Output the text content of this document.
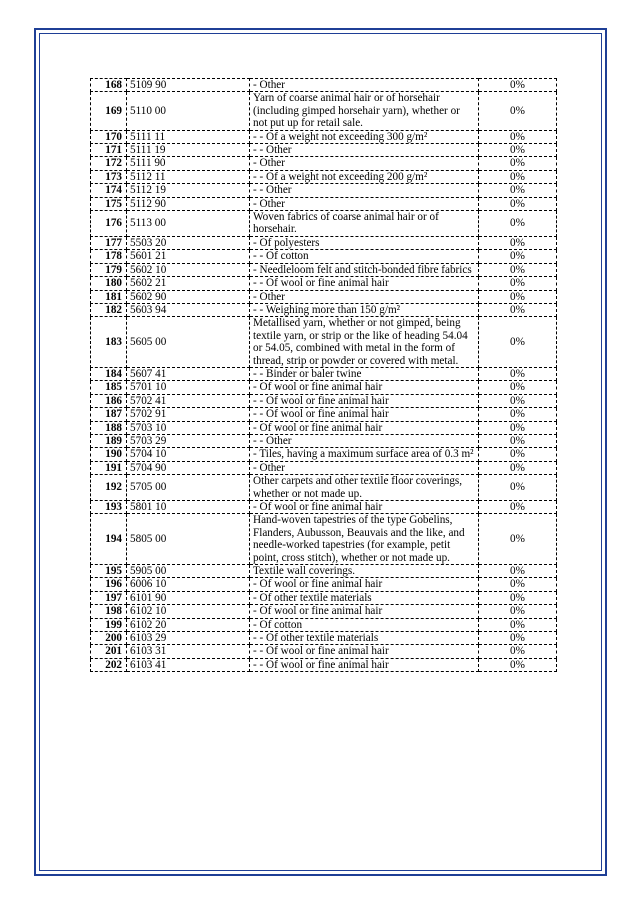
168	5109 90	- Other	0%
169	5110 00	Yarn of coarse animal hair or of horsehair (including gimped horsehair yarn), whether or not put up for retail sale.	0%
170	5111 11	- - Of a weight not exceeding 300 g/m²	0%
171	5111 19	- - Other	0%
172	5111 90	- Other	0%
173	5112 11	- - Of a weight not exceeding 200 g/m²	0%
174	5112 19	- - Other	0%
175	5112 90	- Other	0%
176	5113 00	Woven fabrics of coarse animal hair or of horsehair.	0%
177	5503 20	- Of polyesters	0%
178	5601 21	- - Of cotton	0%
179	5602 10	- Needleloom felt and stitch-bonded fibre fabrics	0%
180	5602 21	- - Of wool or fine animal hair	0%
181	5602 90	- Other	0%
182	5603 94	- - Weighing more than 150 g/m²	0%
183	5605 00	Metallised yarn, whether or not gimped, being textile yarn, or strip or the like of heading 54.04 or 54.05, combined with metal in the form of thread, strip or powder or covered with metal.	0%
184	5607 41	- - Binder or baler twine	0%
185	5701 10	- Of wool or fine animal hair	0%
186	5702 41	- - Of wool or fine animal hair	0%
187	5702 91	- - Of wool or fine animal hair	0%
188	5703 10	- Of wool or fine animal hair	0%
189	5703 29	- - Other	0%
190	5704 10	- Tiles, having a maximum surface area of 0.3 m²	0%
191	5704 90	- Other	0%
192	5705 00	Other carpets and other textile floor coverings, whether or not made up.	0%
193	5801 10	- Of wool or fine animal hair	0%
194	5805 00	Hand-woven tapestries of the type Gobelins, Flanders, Aubusson, Beauvais and the like, and needle-worked tapestries (for example, petit point, cross stitch), whether or not made up.	0%
195	5905 00	Textile wall coverings.	0%
196	6006 10	- Of wool or fine animal hair	0%
197	6101 90	- Of other textile materials	0%
198	6102 10	- Of wool or fine animal hair	0%
199	6102 20	- Of cotton	0%
200	6103 29	- - Of other textile materials	0%
201	6103 31	- - Of wool or fine animal hair	0%
202	6103 41	- - Of wool or fine animal hair	0%
